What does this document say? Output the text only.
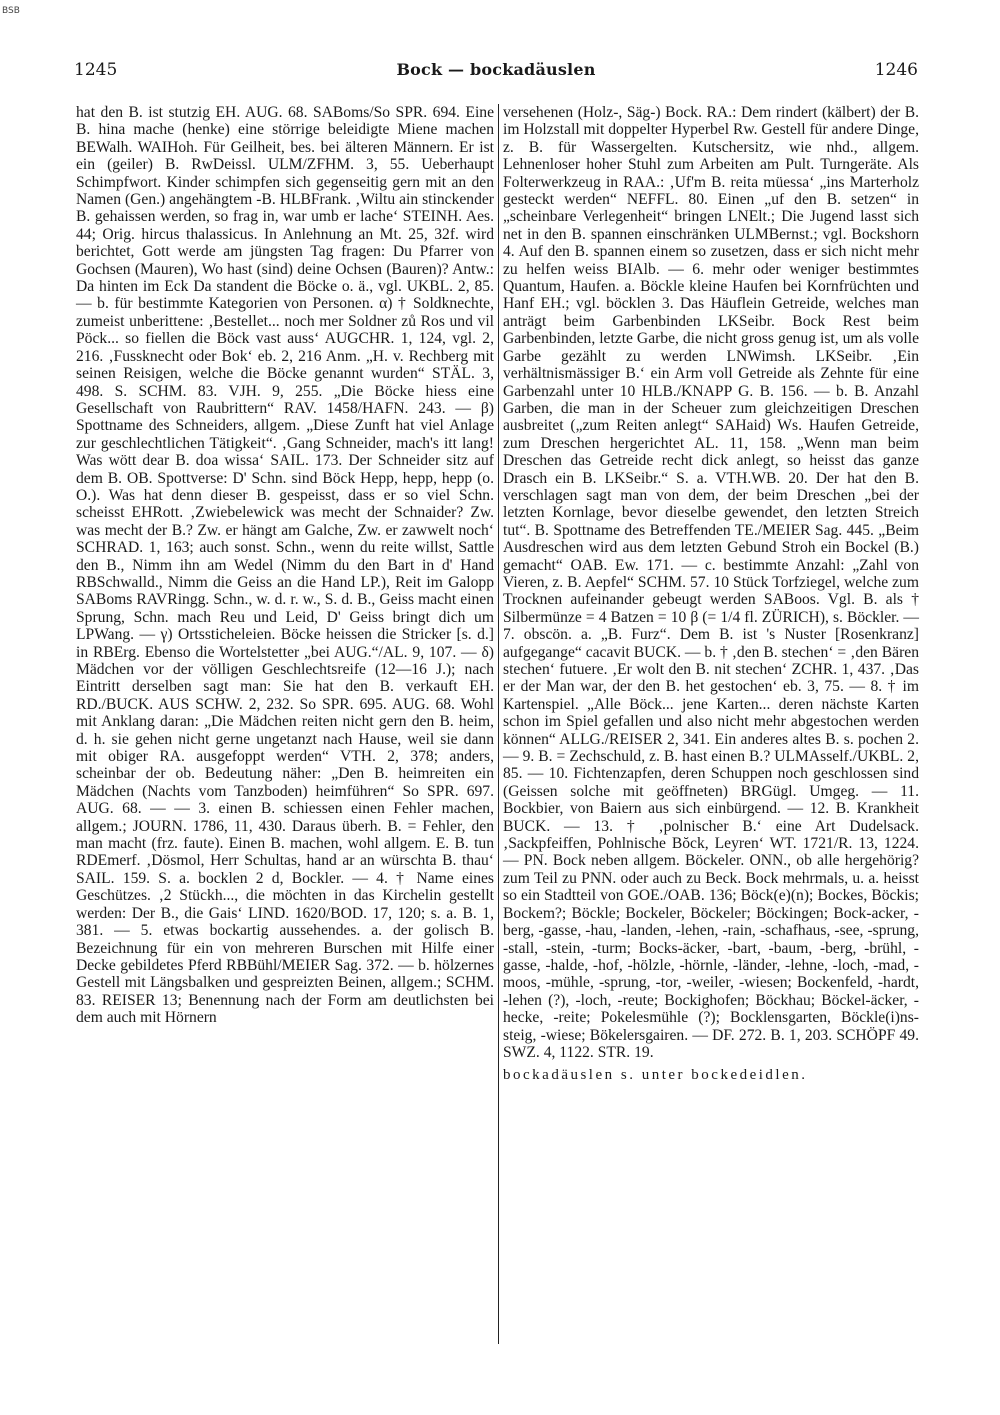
BSB
1245	Bock — bockadäuslen	1246

hat den B. ist stutzig EH. AUG. 68. SABoms/So SPR. 694. Eine B. hina mache (henke) eine störrige beleidigte Miene machen BEWalh. WAIHoh. Für Geilheit, bes. bei älteren Männern. Er ist ein (geiler) B. RwDeissl. ULM/ZFHM. 3, 55. Ueberhaupt Schimpfwort. Kinder schimpfen sich gegenseitig gern mit an den Namen (Gen.) angehängtem -B. HLBFrank. ‚Wiltu ain stinckender B. gehaissen werden, so frag in, war umb er lache‘ STEINH. Aes. 44; Orig. hircus thalassicus. In Anlehnung an Mt. 25, 32f. wird berichtet, Gott werde am jüngsten Tag fragen: Du Pfarrer von Gochsen (Mauren), Wo hast (sind) deine Ochsen (Bauren)? Antw.: Da hinten im Eck Da standent die Böcke o. ä., vgl. UKBL. 2, 85. — b. für bestimmte Kategorien von Personen. α) † Soldknechte, zumeist unberittene: ‚Bestellet... noch mer Soldner zů Ros und vil Pöck... so fiellen die Böck vast auss‘ AUGCHR. 1, 124, vgl. 2, 216. ‚Fussknecht oder Bok‘ eb. 2, 216 Anm. „H. v. Rechberg mit seinen Reisigen, welche die Böcke genannt wurden“ STÄL. 3, 498. S. SCHM. 83. VJH. 9, 255. „Die Böcke hiess eine Gesellschaft von Raubrittern“ RAV. 1458/HAFN. 243. — β) Spottname des Schneiders, allgem. „Diese Zunft hat viel Anlage zur geschlechtlichen Tätigkeit“. ‚Gang Schneider, mach's itt lang! Was wött dear B. doa wissa‘ SAIL. 173. Der Schneider sitz auf dem B. OB. Spottverse: D' Schn. sind Böck Hepp, hepp, hepp (o. O.). Was hat denn dieser B. gespeisst, dass er so viel Schn. scheisst EHRott. ‚Zwiebelewick was mecht der Schnaider? Zw. was mecht der B.? Zw. er hängt am Galche, Zw. er zawwelt noch‘ SCHRAD. 1, 163; auch sonst. Schn., wenn du reite willst, Sattle den B., Nimm ihn am Wedel (Nimm du den Bart in d' Hand RBSchwalld., Nimm die Geiss an die Hand LP.), Reit im Galopp SABoms RAVRingg. Schn., w. d. r. w., S. d. B., Geiss macht einen Sprung, Schn. mach Reu und Leid, D' Geiss bringt dich um LPWang. — γ) Ortssticheleien. Böcke heissen die Stricker [s. d.] in RBErg. Ebenso die Wortelstetter „bei AUG.“/AL. 9, 107. — δ) Mädchen vor der völligen Geschlechtsreife (12—16 J.); nach Eintritt derselben sagt man: Sie hat den B. verkauft EH. RD./BUCK. AUS SCHW. 2, 232. So SPR. 695. AUG. 68. Wohl mit Anklang daran: „Die Mädchen reiten nicht gern den B. heim, d. h. sie gehen nicht gerne ungetanzt nach Hause, weil sie dann mit obiger RA. ausgefoppt werden“ VTH. 2, 378; anders, scheinbar der ob. Bedeutung näher: „Den B. heimreiten ein Mädchen (Nachts vom Tanzboden) heimführen“ So SPR. 697. AUG. 68. — — 3. einen B. schiessen einen Fehler machen, allgem.; JOURN. 1786, 11, 430. Daraus überh. B. = Fehler, den man macht (frz. faute). Einen B. machen, wohl allgem. E. B. tun RDEmerf. ‚Dösmol, Herr Schultas, hand ar an würschta B. thau‘ SAIL. 159. S. a. bocklen 2 d, Bockler. — 4. † Name eines Geschützes. ‚2 Stückh..., die möchten in das Kirchelin gestellt werden: Der B., die Gais‘ LIND. 1620/BOD. 17, 120; s. a. B. 1, 381. — 5. etwas bockartig aussehendes. a. der golisch B. Bezeichnung für ein von mehreren Burschen mit Hilfe einer Decke gebildetes Pferd RBBühl/MEIER Sag. 372. — b. hölzernes Gestell mit Längsbalken und gespreizten Beinen, allgem.; SCHM. 83. REISER 13; Benennung nach der Form am deutlichsten bei dem auch mit Hörnern

versehenen (Holz-, Säg-) Bock. RA.: Dem rindert (kälbert) der B. im Holzstall mit doppelter Hyperbel Rw. Gestell für andere Dinge, z. B. für Wassergelten. Kutschersitz, wie nhd., allgem. Lehnenloser hoher Stuhl zum Arbeiten am Pult. Turngeräte. Als Folterwerkzeug in RAA.: ‚Uf'm B. reita müessa‘ „ins Marterholz gesteckt werden“ NEFFL. 80. Einen „uf den B. setzen“ in „scheinbare Verlegenheit“ bringen LNElt.; Die Jugend lasst sich net in den B. spannen einschränken ULMBernst.; vgl. Bockshorn 4. Auf den B. spannen einem so zusetzen, dass er sich nicht mehr zu helfen weiss BIAlb. — 6. mehr oder weniger bestimmtes Quantum, Haufen. a. Böckle kleine Haufen bei Kornfrüchten und Hanf EH.; vgl. böcklen 3. Das Häuflein Getreide, welches man anträgt beim Garbenbinden LKSeibr. Bock Rest beim Garbenbinden, letzte Garbe, die nicht gross genug ist, um als volle Garbe gezählt zu werden LNWimsh. LKSeibr. ‚Ein verhältnismässiger B.‘ ein Arm voll Getreide als Zehnte für eine Garbenzahl unter 10 HLB./KNAPP G. B. 156. — b. B. Anzahl Garben, die man in der Scheuer zum gleichzeitigen Dreschen ausbreitet („zum Reiten anlegt“ SAHaid) Ws. Haufen Getreide, zum Dreschen hergerichtet AL. 11, 158. „Wenn man beim Dreschen das Getreide recht dick anlegt, so heisst das ganze Drasch ein B. LKSeibr.“ S. a. VTH.WB. 20. Der hat den B. verschlagen sagt man von dem, der beim Dreschen „bei der letzten Kornlage, bevor dieselbe gewendet, den letzten Streich tut“. B. Spottname des Betreffenden TE./MEIER Sag. 445. „Beim Ausdreschen wird aus dem letzten Gebund Stroh ein Bockel (B.) gemacht“ OAB. Ew. 171. — c. bestimmte Anzahl: „Zahl von Vieren, z. B. Aepfel“ SCHM. 57. 10 Stück Torfziegel, welche zum Trocknen aufeinander gebeugt werden SABoos. Vgl. B. als † Silbermünze = 4 Batzen = 10 β (= 1/4 fl. ZÜRICH), s. Böckler. — 7. obscön. a. „B. Furz“. Dem B. ist 's Nuster [Rosenkranz] aufgegange“ cacavit BUCK. — b. † ‚den B. stechen‘ = ‚den Bären stechen‘ futuere. ‚Er wolt den B. nit stechen‘ ZCHR. 1, 437. ‚Das er der Man war, der den B. het gestochen‘ eb. 3, 75. — 8. † im Kartenspiel. „Alle Böck... jene Karten... deren nächste Karten schon im Spiel gefallen und also nicht mehr abgestochen werden können“ ALLG./REISER 2, 341. Ein anderes altes B. s. pochen 2. — 9. B. = Zechschuld, z. B. hast einen B.? ULMAsself./UKBL. 2, 85. — 10. Fichtenzapfen, deren Schuppen noch geschlossen sind (Geissen solche mit geöffneten) BRGügl. Umgeg. — 11. Bockbier, von Baiern aus sich einbürgend. — 12. B. Krankheit BUCK. — 13. † ‚polnischer B.‘ eine Art Dudelsack. ‚Sackpfeiffen, Pohlnische Bŏck, Leyren‘ WT. 1721/R. 13, 1224. — PN. Bock neben allgem. Böckeler. ONN., ob alle hergehörig? zum Teil zu PNN. oder auch zu Beck. Bock mehrmals, u. a. heisst so ein Stadtteil von GOE./OAB. 136; Böck(e)(n); Bockes, Böckis; Bockem?; Böckle; Bockeler, Böckeler; Böckingen; Bock-acker, -berg, -gasse, -hau, -landen, -lehen, -rain, -schafhaus, -see, -sprung, -stall, -stein, -turm; Bocks-äcker, -bart, -baum, -berg, -brühl, -gasse, -halde, -hof, -hölzle, -hörnle, -länder, -lehne, -loch, -mad, -moos, -mühle, -sprung, -tor, -weiler, -wiesen; Bockenfeld, -hardt, -lehen (?), -loch, -reute; Bockighofen; Böckhau; Böckel-äcker, -hecke, -reite; Pokelesmühle (?); Bocklensgarten, Böckle(i)ns-steig, -wiese; Bökelersgairen. — DF. 272. B. 1, 203. SCHÖPF 49. SWZ. 4, 1122. STR. 19.

bockadäuslen s. unter bockedeidlen.
